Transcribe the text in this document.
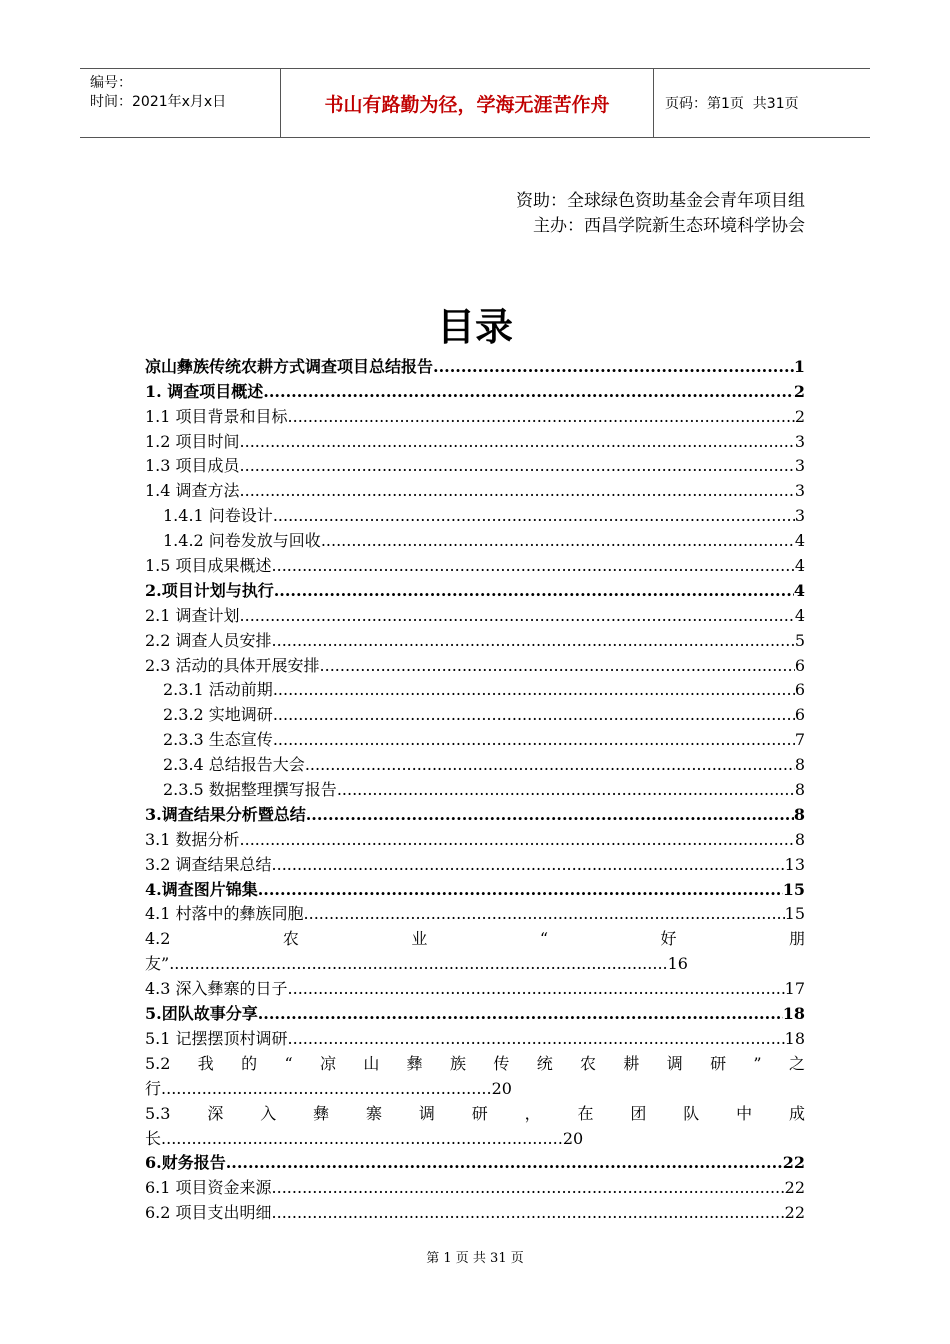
编号：
时间：2021年x月x日	书山有路勤为径，学海无涯苦作舟	页码：第1页  共31页
资助：全球绿色资助基金会青年项目组
主办：西昌学院新生态环境科学协会
目录
凉山彝族传统农耕方式调查项目总结报告 .....	1
1. 调查项目概述 .....	2
1.1 项目背景和目标 .....	2
1.2 项目时间 .....	3
1.3 项目成员 .....	3
1.4 调查方法 .....	3
1.4.1 问卷设计 .....	3
1.4.2 问卷发放与回收 .....	4
1.5 项目成果概述 .....	4
2.项目计划与执行 .....	4
2.1 调查计划 .....	4
2.2 调查人员安排 .....	5
2.3 活动的具体开展安排 .....	6
2.3.1 活动前期 .....	6
2.3.2 实地调研 .....	6
2.3.3 生态宣传 .....	7
2.3.4 总结报告大会 .....	8
2.3.5 数据整理撰写报告 .....	8
3.调查结果分析暨总结 .....	8
3.1 数据分析 .....	8
3.2 调查结果总结 .....	13
4.调查图片锦集 .....	15
4.1 村落中的彝族同胞 .....	15
4.2	农	业	“	好	朋
友” .................................................................................................. 16
4.3 深入彝寨的日子 .....	17
5.团队故事分享 .....	18
5.1 记摆摆顶村调研 .....	18
5.2 我 的 “ 凉 山 彝 族 传 统 农 耕 调 研 ” 之
行 ................................................................. 20
5.3 深 入 彝 寨 调 研 ， 在 团 队 中 成
长 ............................................................................... 20
6.财务报告 .....	22
6.1 项目资金来源 .....	22
6.2 项目支出明细 .....	22
第 1 页 共 31 页
